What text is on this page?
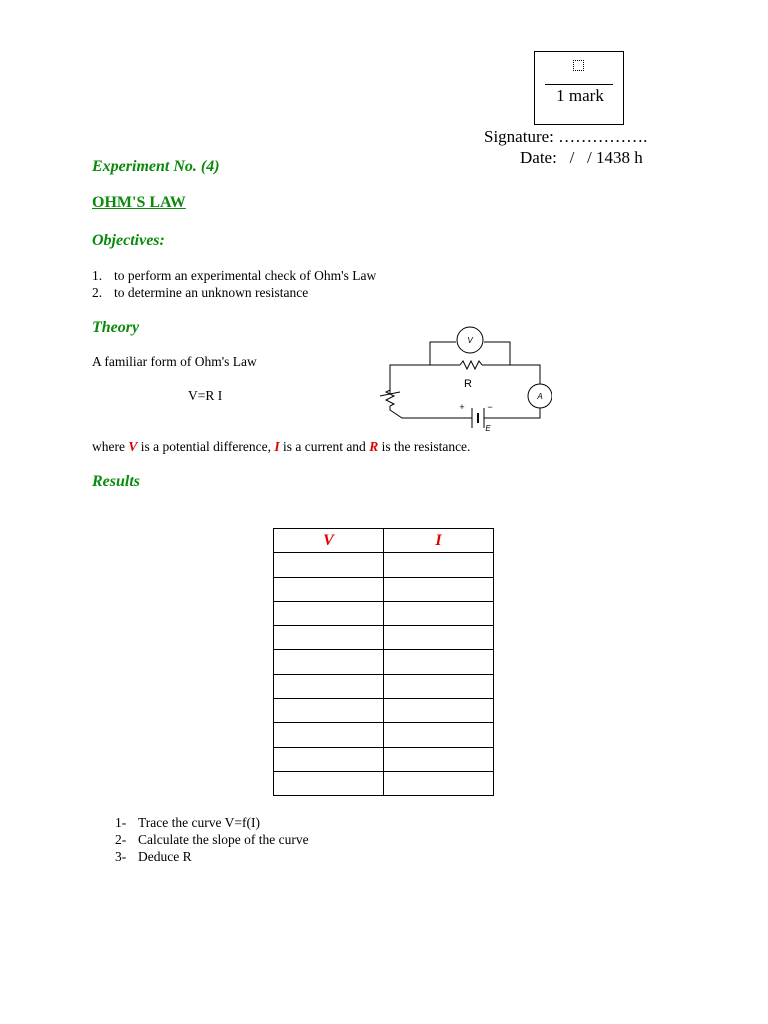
1 mark
Signature: …………….
Date:   /   / 1438 h
Experiment No. (4)
OHM'S LAW
Objectives:
1. to perform an experimental check of Ohm's Law
2. to determine an unknown resistance
Theory
A familiar form of Ohm's Law
V=R I
where V is a potential difference, I is a current and R is the resistance.
V
A
R
+	−
E
Results
V	I

1- Trace the curve V=f(I)
2- Calculate the slope of the curve
3- Deduce R
